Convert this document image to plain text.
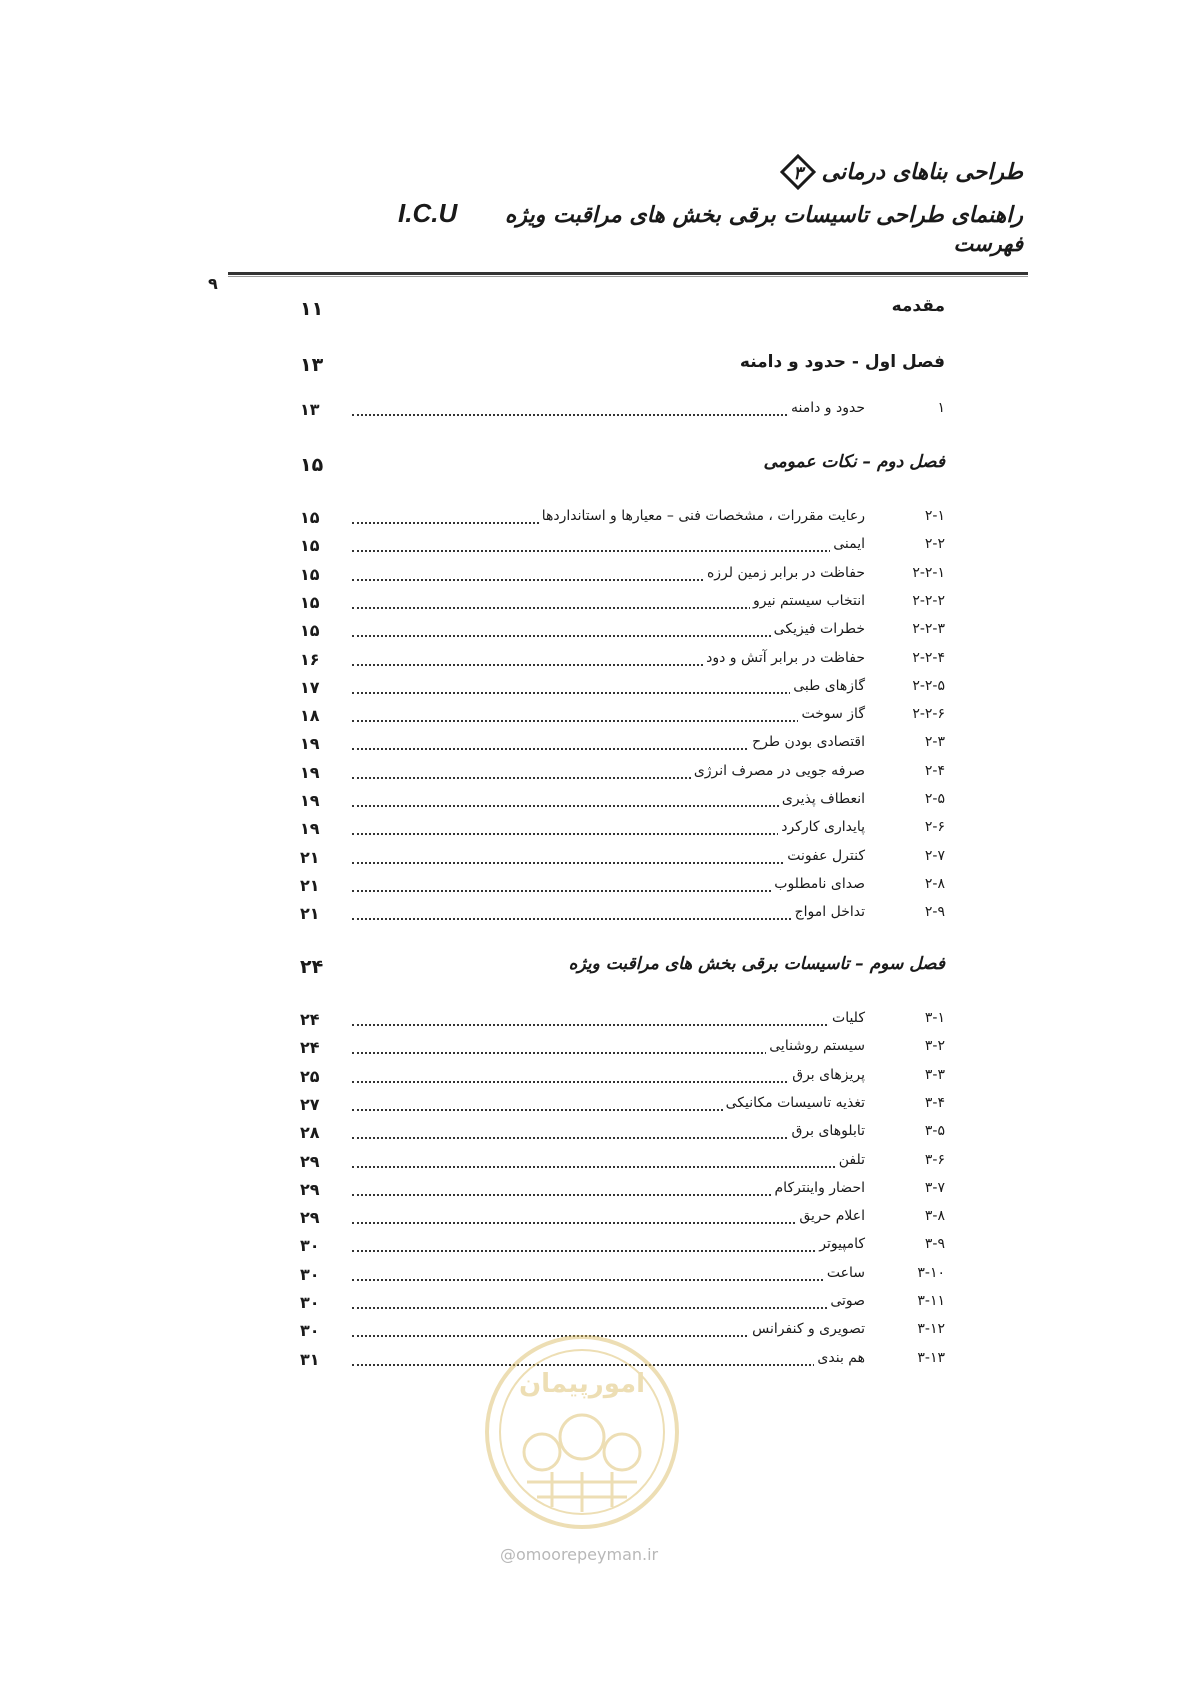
طراحی بناهای درمانی
۳
راهنمای طراحی تاسیسات برقی بخش های مراقبت ویژه I.C.U
فهرست
۹
۱۱	مقدمه
۱۳	فصل اول - حدود و دامنه
۱۳	حدود و دامنه	۱
۱۵	فصل دوم – نکات عمومی
۱۵	رعایت مقررات ، مشخصات فنی – معیارها و استانداردها	۲-۱
۱۵	ایمنی	۲-۲
۱۵	حفاظت در برابر زمین لرزه	۲-۲-۱
۱۵	انتخاب سیستم نیرو	۲-۲-۲
۱۵	خطرات فیزیکی	۲-۲-۳
۱۶	حفاظت در برابر آتش و دود	۲-۲-۴
۱۷	گازهای طبی	۲-۲-۵
۱۸	گاز سوخت	۲-۲-۶
۱۹	اقتصادی بودن طرح	۲-۳
۱۹	صرفه جویی در مصرف انرژی	۲-۴
۱۹	انعطاف پذیری	۲-۵
۱۹	پایداری کارکرد	۲-۶
۲۱	کنترل عفونت	۲-۷
۲۱	صدای نامطلوب	۲-۸
۲۱	تداخل امواج	۲-۹
۲۴	فصل سوم – تاسیسات برقی بخش های مراقبت ویژه
۲۴	کلیات	۳-۱
۲۴	سیستم روشنایی	۳-۲
۲۵	پریزهای برق	۳-۳
۲۷	تغذیه تاسیسات مکانیکی	۳-۴
۲۸	تابلوهای برق	۳-۵
۲۹	تلفن	۳-۶
۲۹	احضار واینترکام	۳-۷
۲۹	اعلام حریق	۳-۸
۳۰	کامپیوتر	۳-۹
۳۰	ساعت	۳-۱۰
۳۰	صوتی	۳-۱۱
۳۰	تصویری و کنفرانس	۳-۱۲
۳۱	هم بندی	۳-۱۳
امورپیمان
@omoorepeyman.ir
